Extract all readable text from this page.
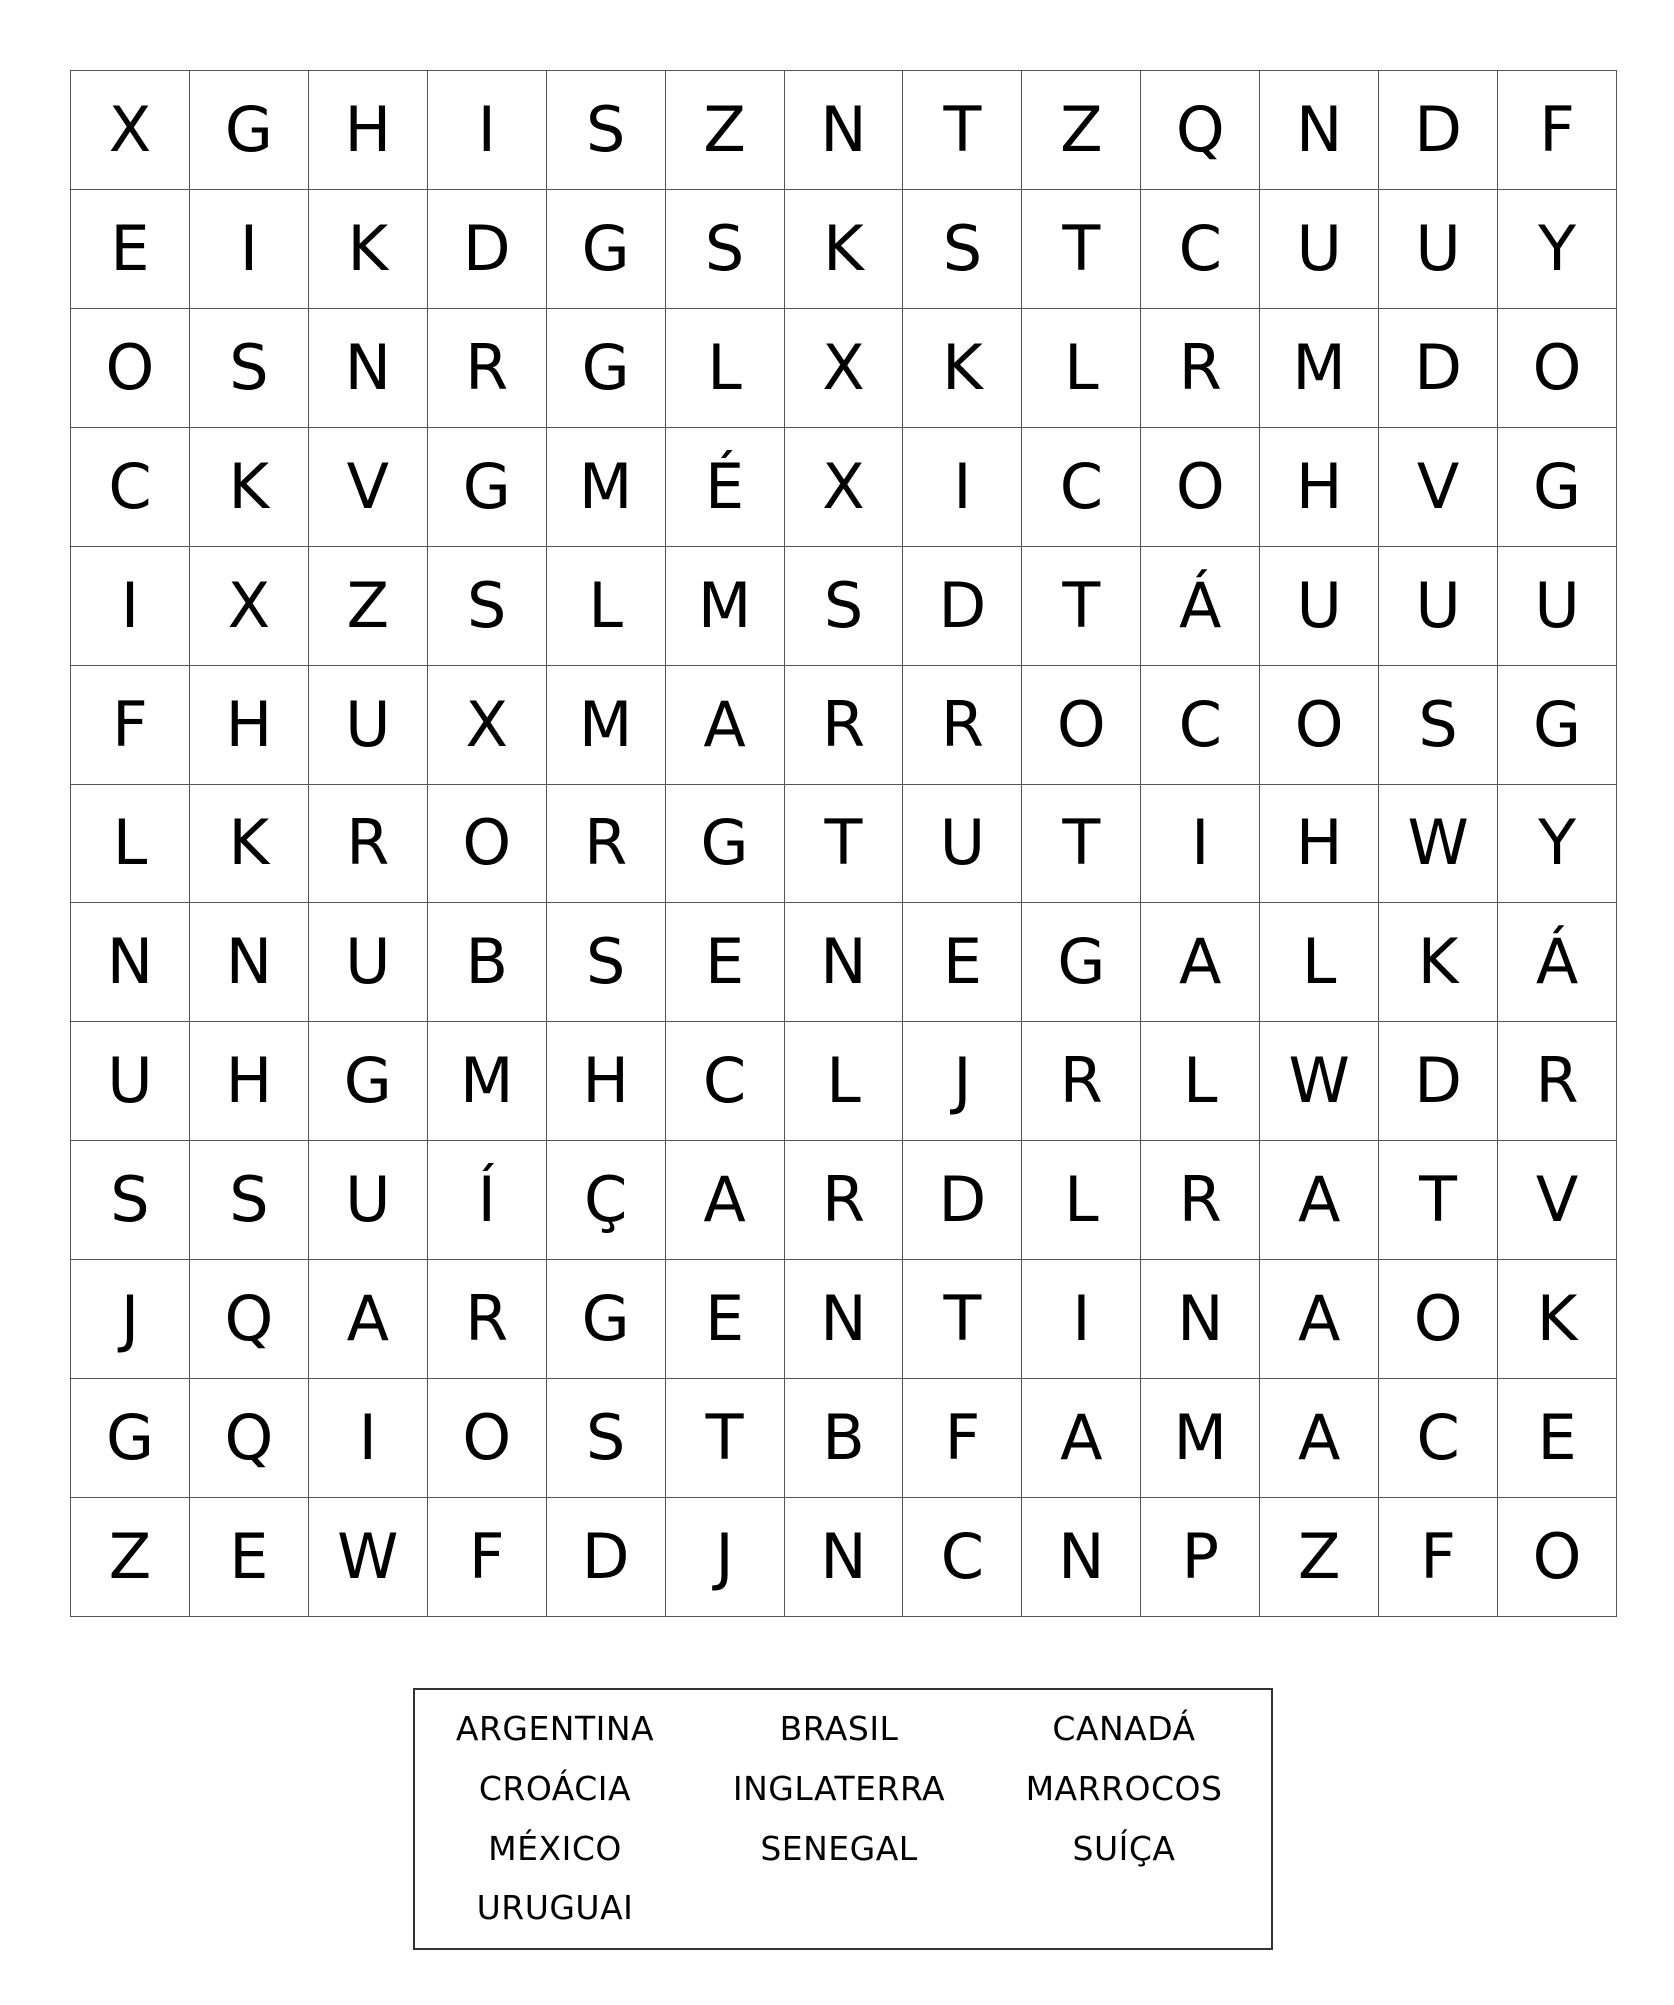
X	G	H	I	S	Z	N	T	Z	Q	N	D	F
E	I	K	D	G	S	K	S	T	C	U	U	Y
O	S	N	R	G	L	X	K	L	R	M	D	O
C	K	V	G	M	É	X	I	C	O	H	V	G
I	X	Z	S	L	M	S	D	T	Á	U	U	U
F	H	U	X	M	A	R	R	O	C	O	S	G
L	K	R	O	R	G	T	U	T	I	H	W	Y
N	N	U	B	S	E	N	E	G	A	L	K	Á
U	H	G	M	H	C	L	J	R	L	W	D	R
S	S	U	Í	Ç	A	R	D	L	R	A	T	V
J	Q	A	R	G	E	N	T	I	N	A	O	K
G	Q	I	O	S	T	B	F	A	M	A	C	E
Z	E	W	F	D	J	N	C	N	P	Z	F	O
ARGENTINA
CROÁCIA
MÉXICO
URUGUAI
BRASIL
INGLATERRA
SENEGAL
CANADÁ
MARROCOS
SUÍÇA
